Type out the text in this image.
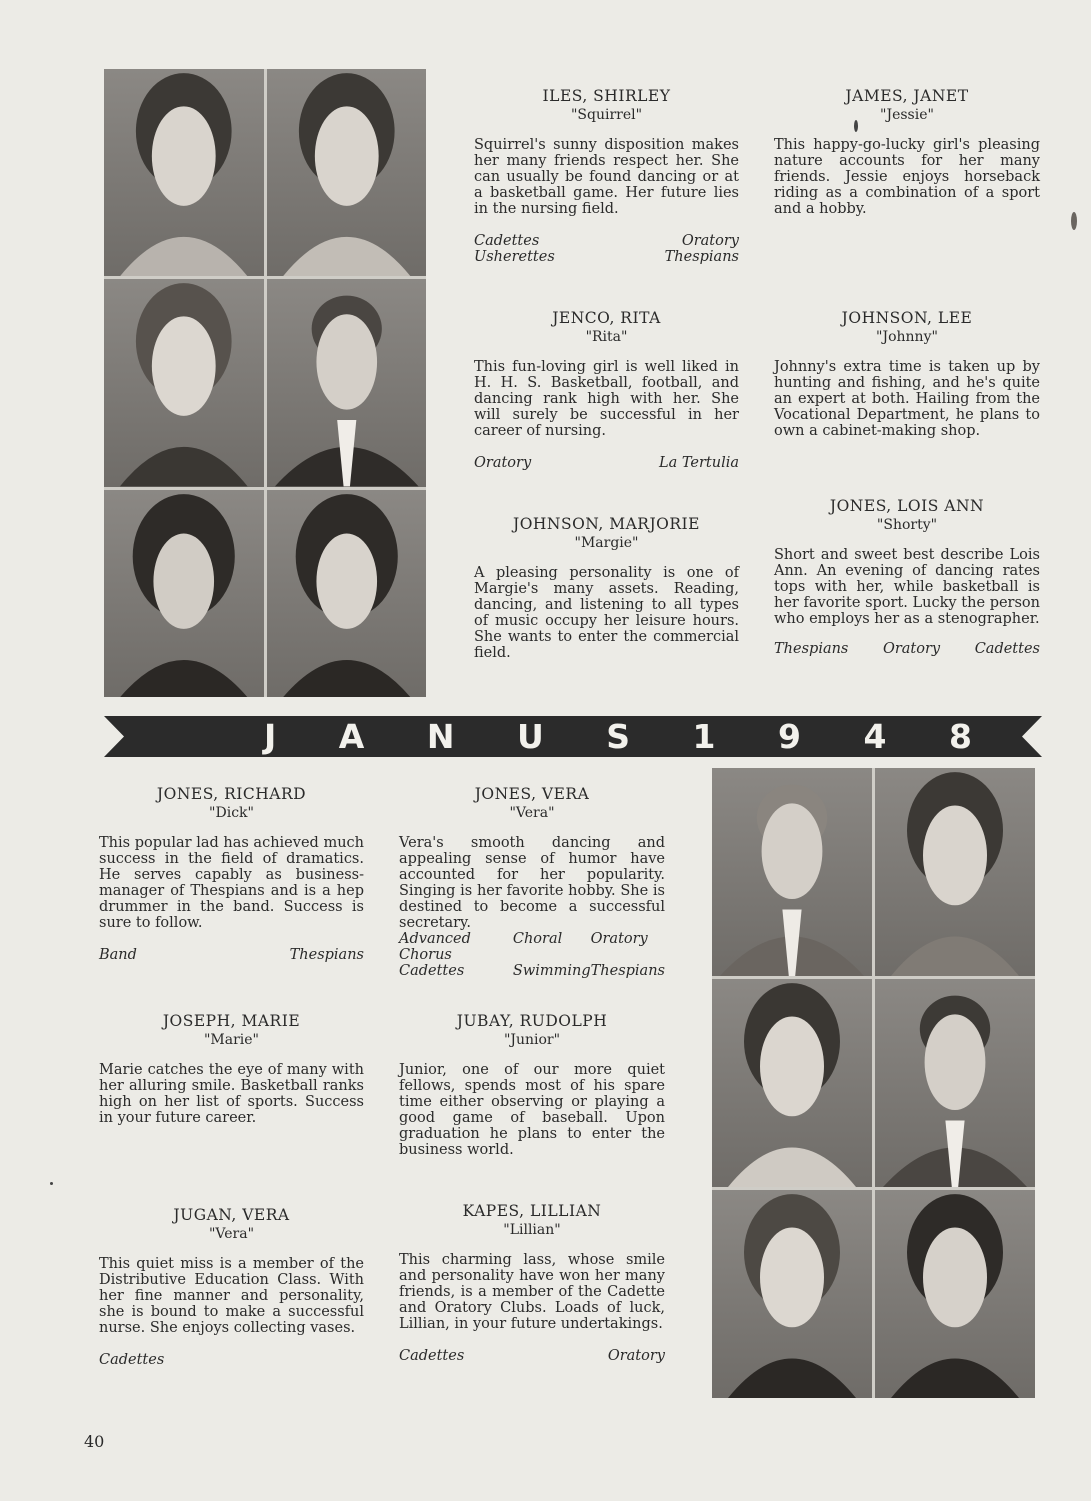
ILES, SHIRLEY
"Squirrel"

Squirrel's sunny disposition makes her many friends respect her. She can usually be found dancing or at a basketball game. Her future lies in the nursing field.

Cadettes	Oratory
Usherettes	Thespians
JAMES, JANET
"Jessie"

This happy-go-lucky girl's pleasing nature accounts for her many friends. Jessie enjoys horseback riding as a combination of a sport and a hobby.

JENCO, RITA
"Rita"

This fun-loving girl is well liked in H. H. S. Basketball, football, and dancing rank high with her. She will surely be successful in her career of nursing.

Oratory	La Tertulia
JOHNSON, LEE
"Johnny"

Johnny's extra time is taken up by hunting and fishing, and he's quite an expert at both. Hailing from the Vocational Department, he plans to own a cabinet-making shop.

JOHNSON, MARJORIE
"Margie"

A pleasing personality is one of Margie's many assets. Reading, dancing, and listening to all types of music occupy her leisure hours. She wants to enter the commercial field.

JONES, LOIS ANN
"Shorty"

Short and sweet best describe Lois Ann. An evening of dancing rates tops with her, while basketball is her favorite sport. Lucky the person who employs her as a stenographer.

Thespians Oratory Cadettes
J A N U S 1 9 4 8
JONES, RICHARD
"Dick"

This popular lad has achieved much success in the field of dramatics. He serves capably as business-manager of Thespians and is a hep drummer in the band. Success is sure to follow.

Band	Thespians
JONES, VERA
"Vera"

Vera's smooth dancing and appealing sense of humor have accounted for her popularity. Singing is her favorite hobby. She is destined to become a successful secretary.

Advanced Chorus
Choral	Oratory
Cadettes	Swimming Thespians
JOSEPH, MARIE
"Marie"

Marie catches the eye of many with her alluring smile. Basketball ranks high on her list of sports. Success in your future career.

JUBAY, RUDOLPH
"Junior"

Junior, one of our more quiet fellows, spends most of his spare time either observing or playing a good game of baseball. Upon graduation he plans to enter the business world.

JUGAN, VERA
"Vera"

This quiet miss is a member of the Distributive Education Class. With her fine manner and personality, she is bound to make a successful nurse. She enjoys collecting vases.

Cadettes
KAPES, LILLIAN
"Lillian"

This charming lass, whose smile and personality have won her many friends, is a member of the Cadette and Oratory Clubs. Loads of luck, Lillian, in your future undertakings.

Cadettes	Oratory
40
